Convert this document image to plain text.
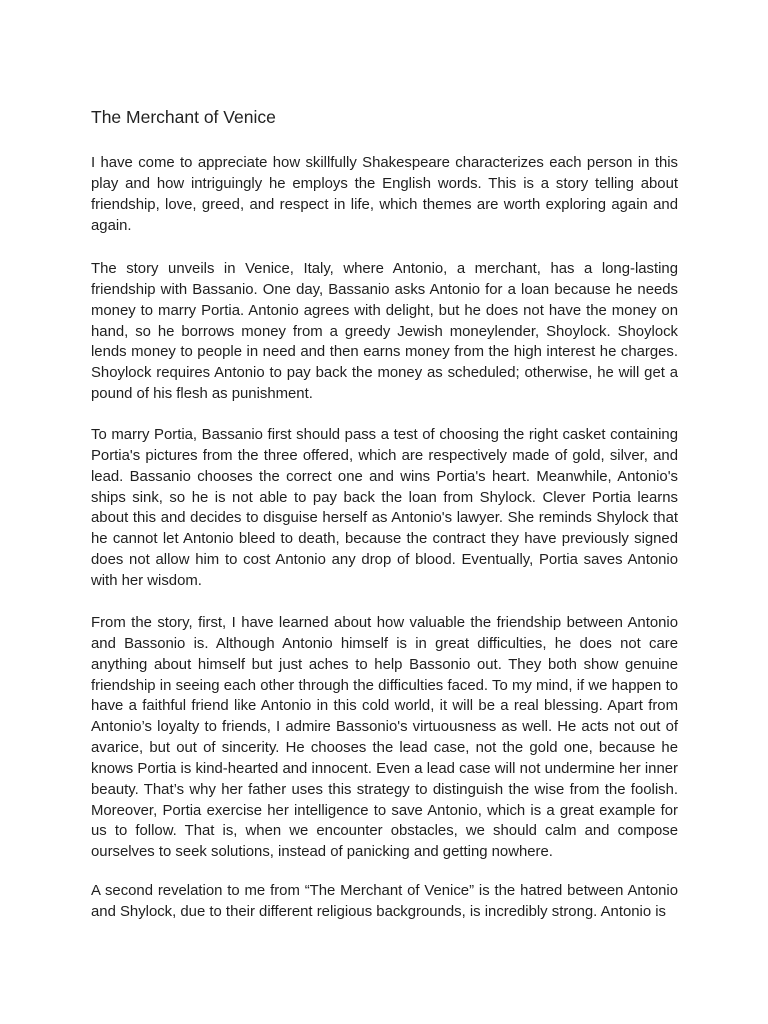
The Merchant of Venice

I have come to appreciate how skillfully Shakespeare characterizes each person in this play and how intriguingly he employs the English words. This is a story telling about friendship, love, greed, and respect in life, which themes are worth exploring again and again.

The story unveils in Venice, Italy, where Antonio, a merchant, has a long-lasting friendship with Bassanio. One day, Bassanio asks Antonio for a loan because he needs money to marry Portia. Antonio agrees with delight, but he does not have the money on hand, so he borrows money from a greedy Jewish moneylender, Shoylock. Shoylock lends money to people in need and then earns money from the high interest he charges. Shoylock requires Antonio to pay back the money as scheduled; otherwise, he will get a pound of his flesh as punishment.

To marry Portia, Bassanio first should pass a test of choosing the right casket containing Portia's pictures from the three offered, which are respectively made of gold, silver, and lead. Bassanio chooses the correct one and wins Portia's heart. Meanwhile, Antonio's ships sink, so he is not able to pay back the loan from Shylock. Clever Portia learns about this and decides to disguise herself as Antonio's lawyer. She reminds Shylock that he cannot let Antonio bleed to death, because the contract they have previously signed does not allow him to cost Antonio any drop of blood. Eventually, Portia saves Antonio with her wisdom.

From the story, first, I have learned about how valuable the friendship between Antonio and Bassonio is. Although Antonio himself is in great difficulties, he does not care anything about himself but just aches to help Bassonio out. They both show genuine friendship in seeing each other through the difficulties faced. To my mind, if we happen to have a faithful friend like Antonio in this cold world, it will be a real blessing. Apart from Antonio’s loyalty to friends, I admire Bassonio's virtuousness as well. He acts not out of avarice, but out of sincerity. He chooses the lead case, not the gold one, because he knows Portia is kind-hearted and innocent. Even a lead case will not undermine her inner beauty. That’s why her father uses this strategy to distinguish the wise from the foolish. Moreover, Portia exercise her intelligence to save Antonio, which is a great example for us to follow. That is, when we encounter obstacles, we should calm and compose ourselves to seek solutions, instead of panicking and getting nowhere.

A second revelation to me from “The Merchant of Venice” is the hatred between Antonio and Shylock, due to their different religious backgrounds, is incredibly strong. Antonio is
